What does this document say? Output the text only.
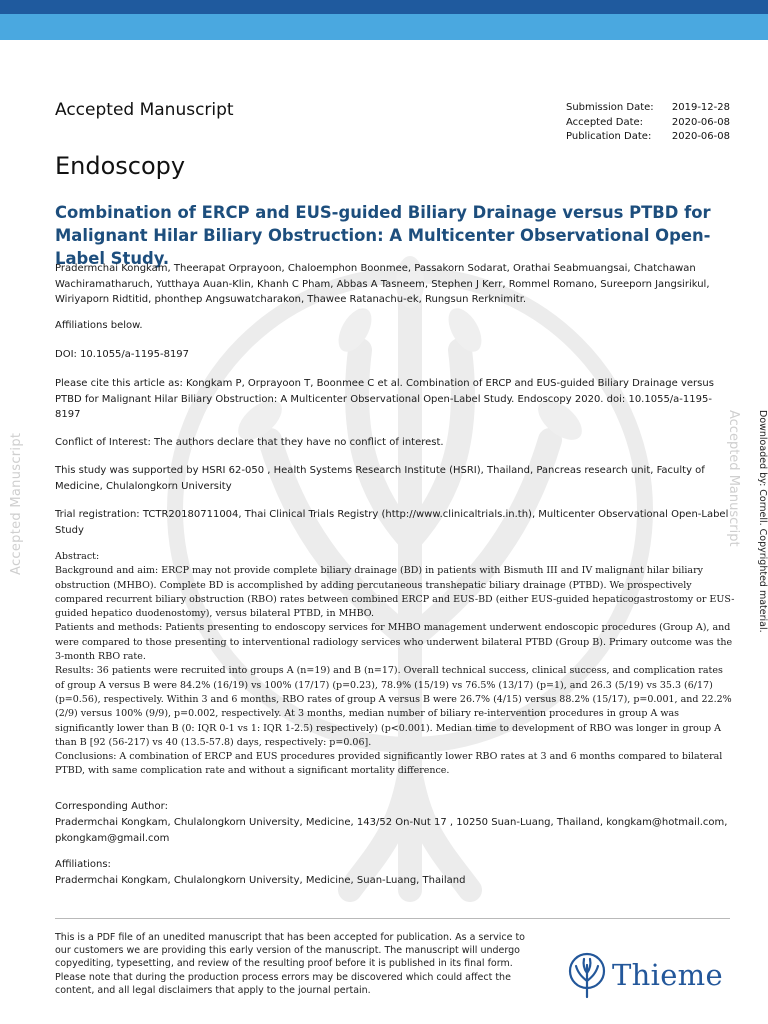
Accepted Manuscript	Accepted Manuscript Downloaded by: Cornell. Copyrighted material.
Accepted Manuscript
Endoscopy
Submission Date:	2019-12-28
Accepted Date:	2020-06-08
Publication Date:	2020-06-08
Combination of ERCP and EUS-guided Biliary Drainage versus PTBD for Malignant Hilar Biliary Obstruction: A Multicenter Observational Open-Label Study.
Pradermchai Kongkam, Theerapat Orprayoon, Chaloemphon Boonmee, Passakorn Sodarat, Orathai Seabmuangsai, Chatchawan Wachiramatharuch, Yutthaya Auan-Klin, Khanh C Pham, Abbas A Tasneem, Stephen J Kerr, Rommel Romano, Sureeporn Jangsirikul, Wiriyaporn Ridtitid, phonthep Angsuwatcharakon, Thawee Ratanachu-ek, Rungsun Rerknimitr.
Affiliations below.
DOI: 10.1055/a-1195-8197
Please cite this article as: Kongkam P, Orprayoon T, Boonmee C et al. Combination of ERCP and EUS-guided Biliary Drainage versus PTBD for Malignant Hilar Biliary Obstruction: A Multicenter Observational Open-Label Study. Endoscopy 2020. doi: 10.1055/a-1195-8197
Conflict of Interest: The authors declare that they have no conflict of interest.
This study was supported by HSRI 62-050 , Health Systems Research Institute (HSRI), Thailand, Pancreas research unit, Faculty of Medicine, Chulalongkorn University
Trial registration: TCTR20180711004, Thai Clinical Trials Registry (http://www.clinicaltrials.in.th), Multicenter Observational Open-Label Study
Abstract:
Background and aim: ERCP may not provide complete biliary drainage (BD) in patients with Bismuth III and IV malignant hilar biliary obstruction (MHBO). Complete BD is accomplished by adding percutaneous transhepatic biliary drainage (PTBD). We prospectively compared recurrent biliary obstruction (RBO) rates between combined ERCP and EUS-BD (either EUS-guided hepaticogastrostomy or EUS-guided hepatico duodenostomy), versus bilateral PTBD, in MHBO.
Patients and methods: Patients presenting to endoscopy services for MHBO management underwent endoscopic procedures (Group A), and were compared to those presenting to interventional radiology services who underwent bilateral PTBD (Group B). Primary outcome was the 3-month RBO rate.
Results: 36 patients were recruited into groups A (n=19) and B (n=17). Overall technical success, clinical success, and complication rates of group A versus B were 84.2% (16/19) vs 100% (17/17) (p=0.23), 78.9% (15/19) vs 76.5% (13/17) (p=1), and 26.3 (5/19) vs 35.3 (6/17) (p=0.56), respectively. Within 3 and 6 months, RBO rates of group A versus B were 26.7% (4/15) versus 88.2% (15/17), p=0.001, and 22.2% (2/9) versus 100% (9/9), p=0.002, respectively. At 3 months, median number of biliary re-intervention procedures in group A was significantly lower than B (0: IQR 0-1 vs 1: IQR 1-2.5) respectively) (p<0.001). Median time to development of RBO was longer in group A than B [92 (56-217) vs 40 (13.5-57.8) days, respectively: p=0.06].
Conclusions: A combination of ERCP and EUS procedures provided significantly lower RBO rates at 3 and 6 months compared to bilateral PTBD, with same complication rate and without a significant mortality difference.
Corresponding Author:
Pradermchai Kongkam, Chulalongkorn University, Medicine, 143/52 On-Nut 17 , 10250 Suan-Luang, Thailand, kongkam@hotmail.com, pkongkam@gmail.com
Affiliations:
Pradermchai Kongkam, Chulalongkorn University, Medicine, Suan-Luang, Thailand
This is a PDF file of an unedited manuscript that has been accepted for publication. As a service to our customers we are providing this early version of the manuscript. The manuscript will undergo copyediting, typesetting, and review of the resulting proof before it is published in its final form. Please note that during the production process errors may be discovered which could affect the content, and all legal disclaimers that apply to the journal pertain.	Thieme
